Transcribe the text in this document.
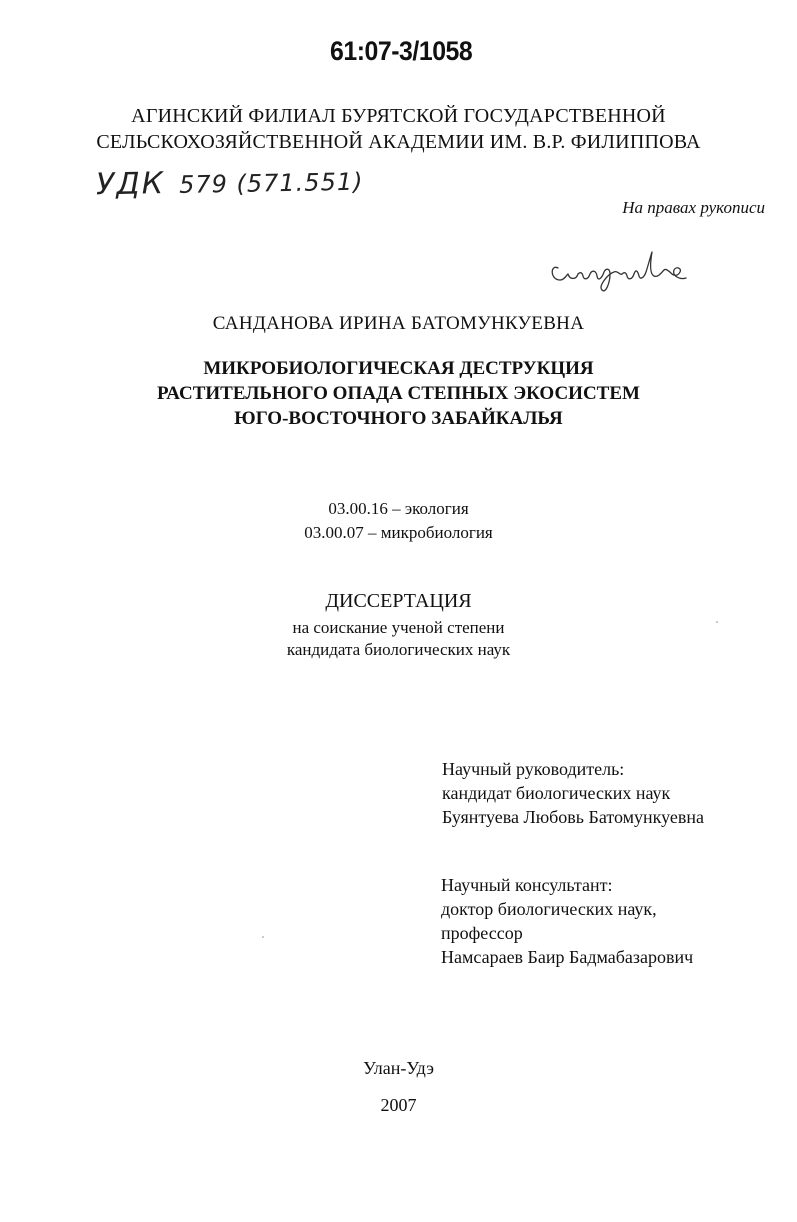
61:07-3/1058
АГИНСКИЙ ФИЛИАЛ БУРЯТСКОЙ ГОСУДАРСТВЕННОЙ
СЕЛЬСКОХОЗЯЙСТВЕННОЙ АКАДЕМИИ ИМ. В.Р. ФИЛИППОВА
УДК 579 (571.551)
На правах рукописи
САНДАНОВА ИРИНА БАТОМУНКУЕВНА
МИКРОБИОЛОГИЧЕСКАЯ ДЕСТРУКЦИЯ
РАСТИТЕЛЬНОГО ОПАДА СТЕПНЫХ ЭКОСИСТЕМ
ЮГО-ВОСТОЧНОГО ЗАБАЙКАЛЬЯ
03.00.16 – экология
03.00.07 – микробиология
ДИССЕРТАЦИЯ
на соискание ученой степени
кандидата биологических наук
Научный руководитель:
кандидат биологических наук
Буянтуева Любовь Батомункуевна
Научный консультант:
доктор биологических наук,
профессор
Намсараев Баир Бадмабазарович
Улан-Удэ
2007
